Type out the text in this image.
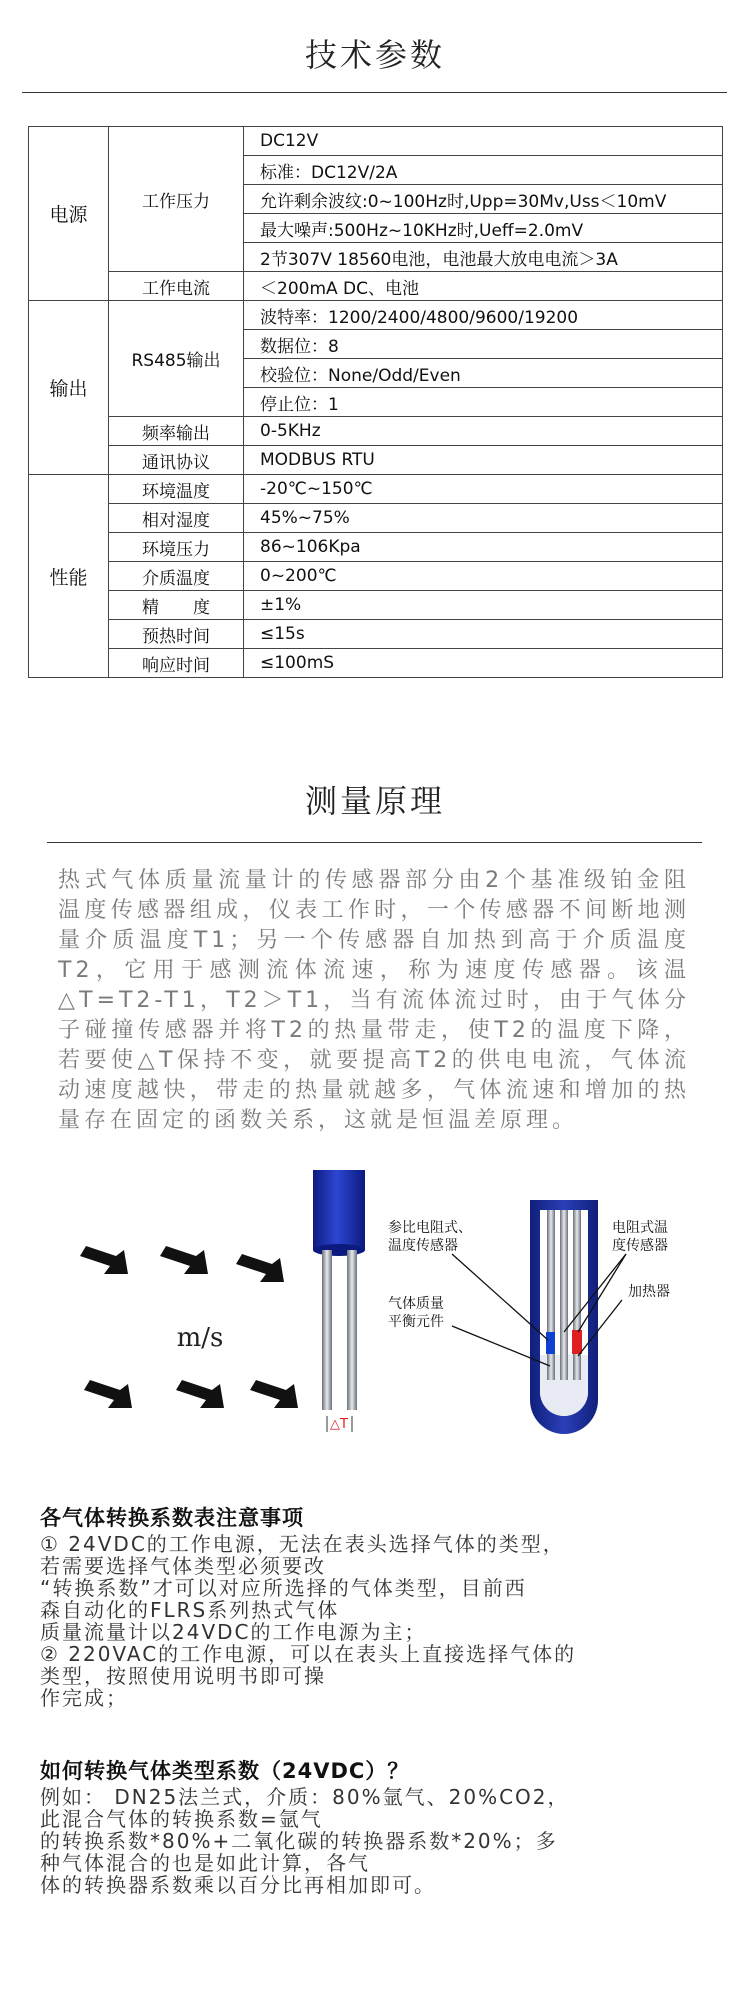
技术参数
电源	工作压力	DC12V
		标准：DC12V/2A
		允许剩余波纹:0~100Hz时,Upp=30Mv,Uss＜10mV
		最大噪声:500Hz~10KHz时,Ueff=2.0mV
		2节307V 18560电池，电池最大放电电流＞3A
	工作电流	＜200mA DC、电池
输出	RS485输出	波特率：1200/2400/4800/9600/19200
		数据位：8
		校验位：None/Odd/Even
		停止位：1
	频率输出	0-5KHz
	通讯协议	MODBUS RTU
性能	环境温度	-20℃~150℃
	相对湿度	45%~75%
	环境压力	86~106Kpa
	介质温度	0~200℃
	精　　度	±1%
	预热时间	≤15s
	响应时间	≤100mS
测量原理
热式气体质量流量计的传感器部分由2个基准级铂金阻温度传感器组成，仪表工作时，一个传感器不间断地测量介质温度T1；另一个传感器自加热到高于介质温度T2，它用于感测流体流速，称为速度传感器。该温△T=T2-T1，T2＞T1，当有流体流过时，由于气体分子碰撞传感器并将T2的热量带走，使T2的温度下降，若要使△T保持不变，就要提高T2的供电电流，气体流动速度越快，带走的热量就越多，气体流速和增加的热量存在固定的函数关系，这就是恒温差原理。
m/s
△T
参比电阻式、
温度传感器
气体质量
平衡元件
电阻式温
度传感器
加热器
各气体转换系数表注意事项
① 24VDC的工作电源，无法在表头选择气体的类型，
若需要选择气体类型必须要改
“转换系数”才可以对应所选择的气体类型，目前西
森自动化的FLRS系列热式气体
质量流量计以24VDC的工作电源为主；
② 220VAC的工作电源，可以在表头上直接选择气体的
类型，按照使用说明书即可操
作完成；
如何转换气体类型系数（24VDC）？
例如： DN25法兰式，介质：80%氩气、20%CO2，
此混合气体的转换系数=氩气
的转换系数*80%+二氧化碳的转换器系数*20%；多
种气体混合的也是如此计算，各气
体的转换器系数乘以百分比再相加即可。
